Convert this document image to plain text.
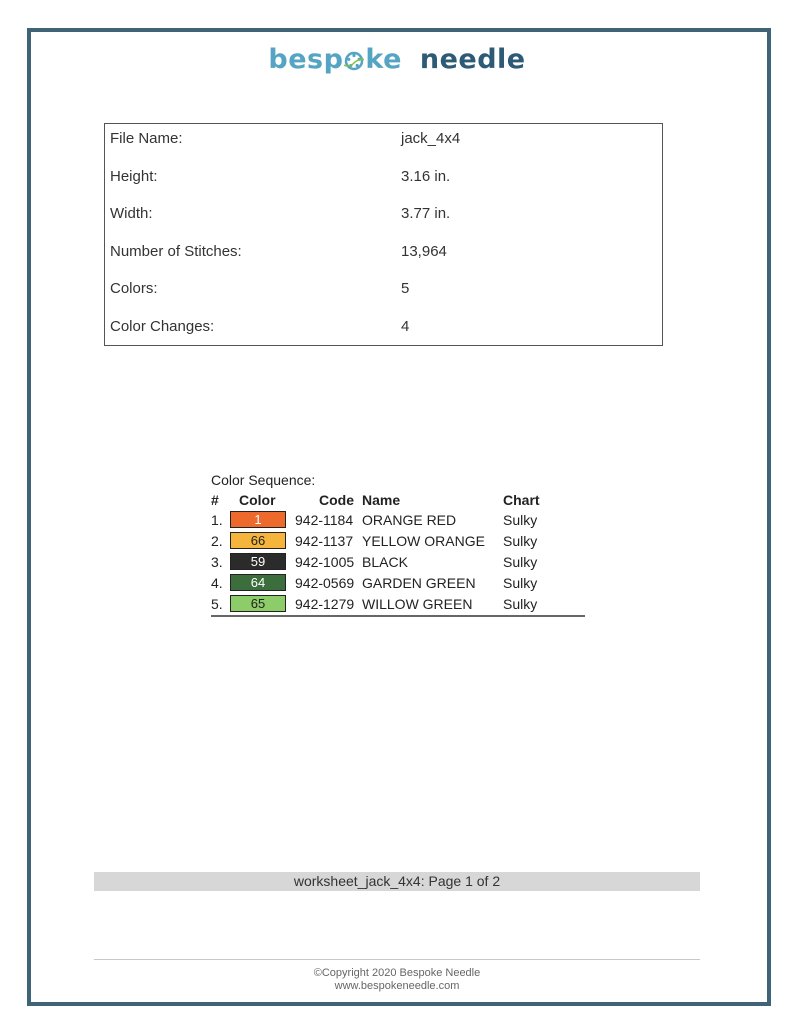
besp ke needle
File Name:	jack_4x4
Height:	3.16 in.
Width:	3.77 in.
Number of Stitches:	13,964
Colors:	5
Color Changes:	4
Color Sequence:
# Color	Code Name	Chart
1.	1	942-1184 ORANGE RED	Sulky
2.	66	942-1137 YELLOW ORANGE Sulky
3.	59	942-1005 BLACK	Sulky
4.	64	942-0569 GARDEN GREEN Sulky
5.	65	942-1279 WILLOW GREEN Sulky
worksheet_jack_4x4: Page 1 of 2
©Copyright 2020 Bespoke Needle
www.bespokeneedle.com
